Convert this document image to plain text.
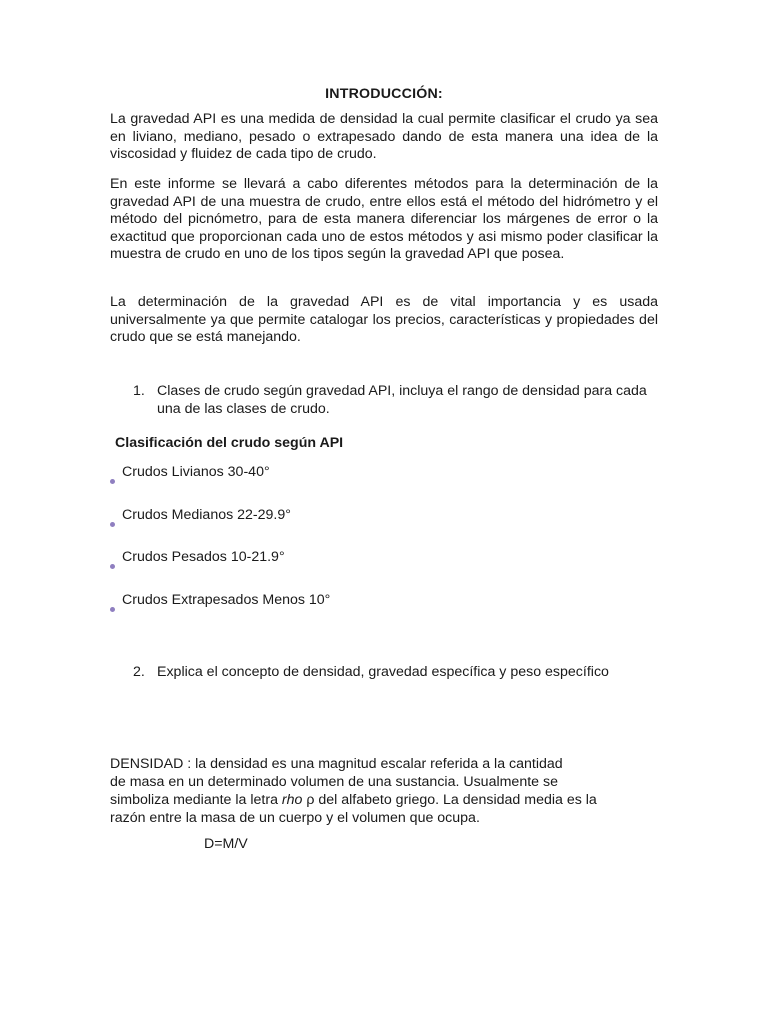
INTRODUCCIÓN:

La gravedad API es una medida de densidad la cual permite clasificar el crudo ya sea en liviano, mediano, pesado o extrapesado dando de esta manera una idea de la viscosidad y fluidez de cada tipo de crudo.

En este informe se llevará a cabo diferentes métodos para la determinación de la gravedad API de una muestra de crudo, entre ellos está el método del hidrómetro y el método del picnómetro, para de esta manera diferenciar los márgenes de error o la exactitud que proporcionan cada uno de estos métodos y asi mismo poder clasificar la muestra de crudo en uno de los tipos según la gravedad API que posea.

La determinación de la gravedad API es de vital importancia y es usada universalmente ya que permite catalogar los precios, características y propiedades del crudo que se está manejando.

1. Clases de crudo según gravedad API, incluya el rango de densidad para cada una de las clases de crudo.
Clasificación del crudo según API
Crudos Livianos 30-40°
Crudos Medianos 22-29.9°
Crudos Pesados 10-21.9°
Crudos Extrapesados Menos 10°
2. Explica el concepto de densidad, gravedad específica y peso específico
DENSIDAD : la densidad es una magnitud escalar referida a la cantidad
de masa en un determinado volumen de una sustancia. Usualmente se
simboliza mediante la letra rho ρ del alfabeto griego. La densidad media es la
razón entre la masa de un cuerpo y el volumen que ocupa.
D=M/V
